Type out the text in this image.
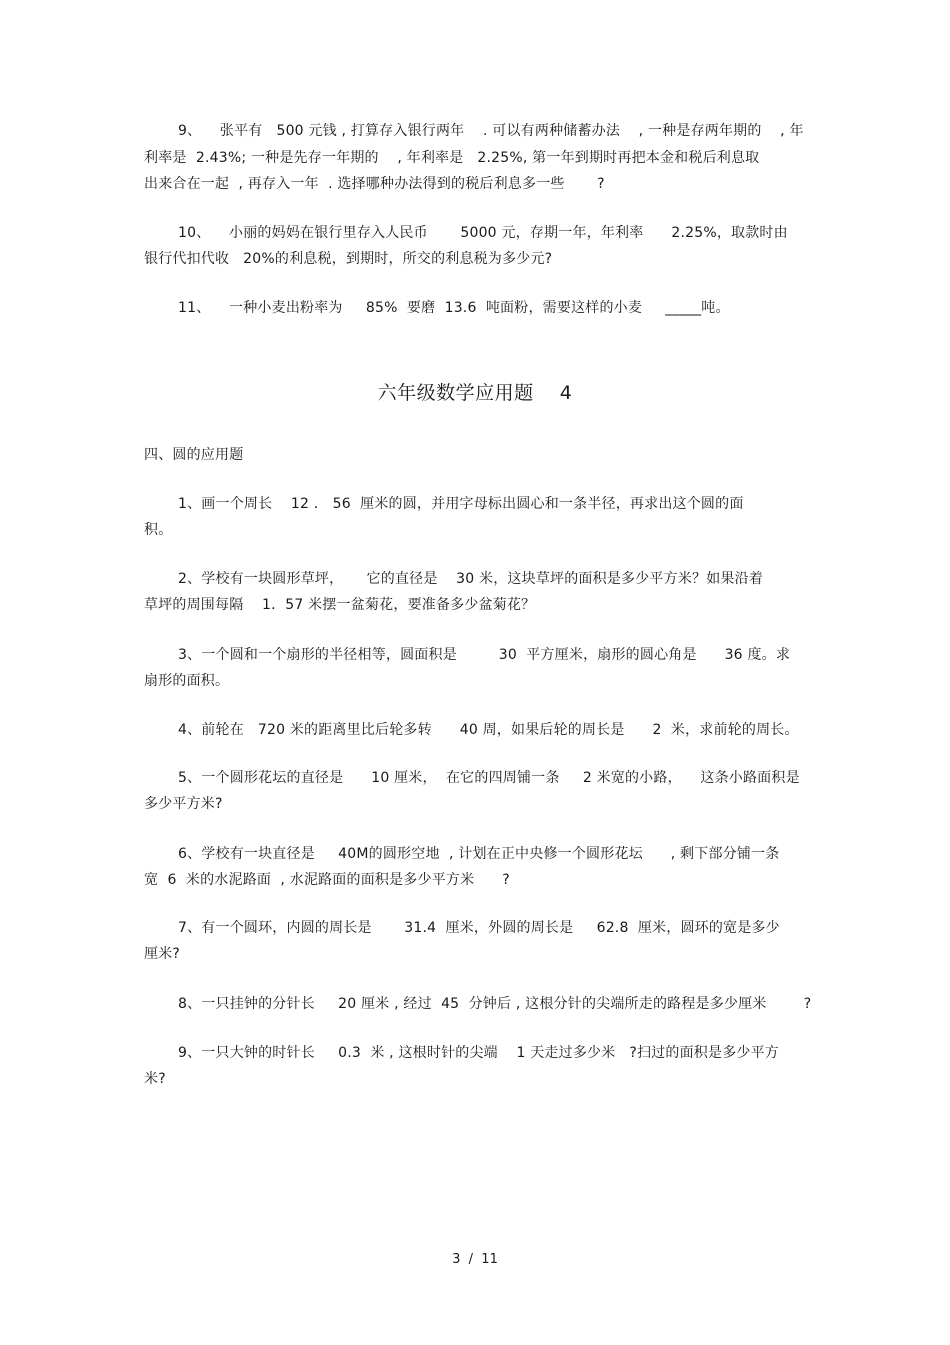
9、    张平有   500 元钱 , 打算存入银行两年    . 可以有两种储蓄办法    , 一种是存两年期的    , 年
利率是  2.43%; 一种是先存一年期的    , 年利率是   2.25%, 第一年到期时再把本金和税后利息取
出来合在一起  , 再存入一年  . 选择哪种办法得到的税后利息多一些       ?
10、    小丽的妈妈在银行里存入人民币       5000 元，存期一年，年利率      2.25%，取款时由
银行代扣代收   20%的利息税，到期时，所交的利息税为多少元?
11、    一种小麦出粉率为     85%  要磨  13.6  吨面粉，需要这样的小麦     _____吨。
六年级数学应用题    4
四、圆的应用题
1、画一个周长    12 ． 56  厘米的圆，并用字母标出圆心和一条半径，再求出这个圆的面
积。
2、学校有一块圆形草坪，     它的直径是    30 米，这块草坪的面积是多少平方米？如果沿着
草坪的周围每隔    1．57 米摆一盆菊花，要准备多少盆菊花？
3、一个圆和一个扇形的半径相等，圆面积是         30  平方厘米，扇形的圆心角是      36 度。求
扇形的面积。
4、前轮在   720 米的距离里比后轮多转      40 周，如果后轮的周长是      2  米，求前轮的周长。
5、一个圆形花坛的直径是      10 厘米，  在它的四周铺一条     2 米宽的小路，    这条小路面积是
多少平方米?
6、学校有一块直径是     40M的圆形空地  , 计划在正中央修一个圆形花坛      , 剩下部分铺一条
宽  6  米的水泥路面  , 水泥路面的面积是多少平方米      ?
7、有一个圆环，内圆的周长是       31.4  厘米，外圆的周长是     62.8  厘米，圆环的宽是多少
厘米?
8、一只挂钟的分针长     20 厘米 , 经过  45  分钟后 , 这根分针的尖端所走的路程是多少厘米        ?
9、一只大钟的时针长     0.3  米 , 这根时针的尖端    1 天走过多少米   ?扫过的面积是多少平方
米?
3  /  11
